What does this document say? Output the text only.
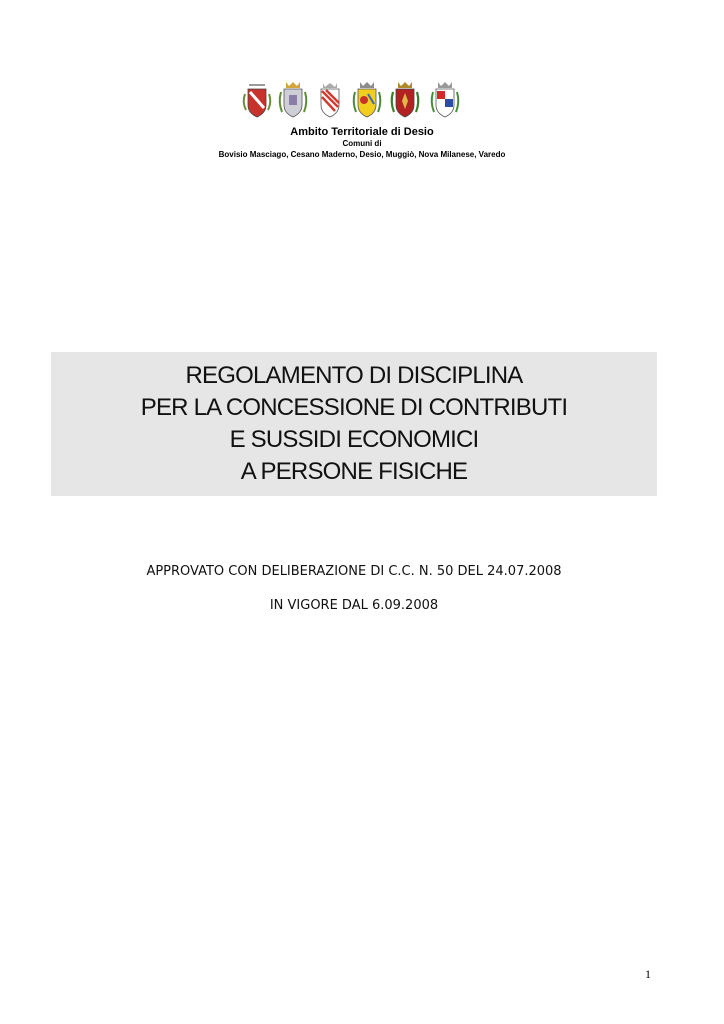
Ambito Territoriale di Desio
Comuni di
Bovisio Masciago, Cesano Maderno, Desio, Muggiò, Nova Milanese, Varedo
REGOLAMENTO DI DISCIPLINA
PER LA CONCESSIONE DI CONTRIBUTI
E SUSSIDI ECONOMICI
A PERSONE FISICHE
APPROVATO CON DELIBERAZIONE DI C.C. N. 50 DEL 24.07.2008
IN VIGORE DAL 6.09.2008
1
